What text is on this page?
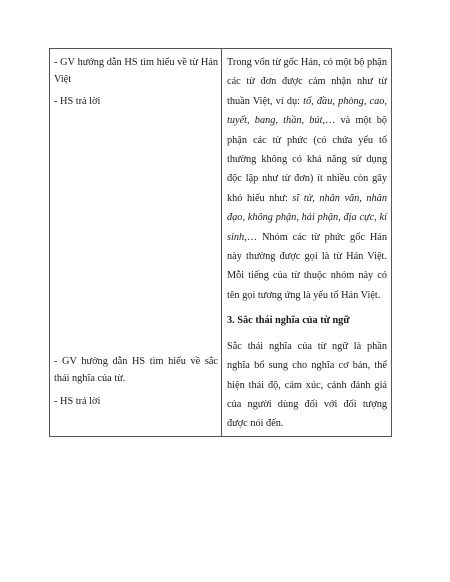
- GV hướng dẫn HS tìm hiểu về từ Hán Việt

- HS trả lời

- GV hướng dẫn HS tìm hiểu về sắc thái nghĩa của từ.

- HS trả lời

Trong vốn từ gốc Hán, có một bộ phận các từ đơn được cảm nhận như từ thuần Việt, ví dụ: tổ, đầu, phòng, cao, tuyết, bang, thần, bút,… và một bộ phận các từ phức (có chứa yếu tố thường không có khả năng sử dụng độc lập như từ đơn) ít nhiều còn gây khó hiểu như: sĩ tử, nhân văn, nhân đạo, không phận, hải phận, địa cực, kí sinh,… Nhóm các từ phức gốc Hán này thường được gọi là từ Hán Việt. Mỗi tiếng của từ thuộc nhóm này có tên gọi tương ứng là yếu tố Hán Việt.

3. Sắc thái nghĩa của từ ngữ

Sắc thái nghĩa của từ ngữ là phần nghĩa bổ sung cho nghĩa cơ bản, thể hiện thái độ, cảm xúc, cánh đánh giá của người dùng đối với đối tượng được nói đến.
